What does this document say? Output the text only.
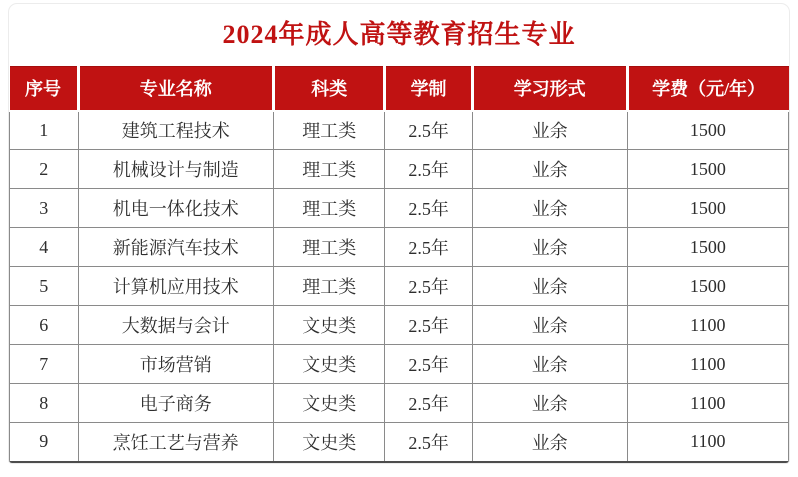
2024年成人高等教育招生专业
序号	专业名称	科类	学制	学习形式	学费（元/年）
1	建筑工程技术	理工类	2.5年	业余	1500
2	机械设计与制造	理工类	2.5年	业余	1500
3	机电一体化技术	理工类	2.5年	业余	1500
4	新能源汽车技术	理工类	2.5年	业余	1500
5	计算机应用技术	理工类	2.5年	业余	1500
6	大数据与会计	文史类	2.5年	业余	1100
7	市场营销	文史类	2.5年	业余	1100
8	电子商务	文史类	2.5年	业余	1100
9	烹饪工艺与营养	文史类	2.5年	业余	1100
